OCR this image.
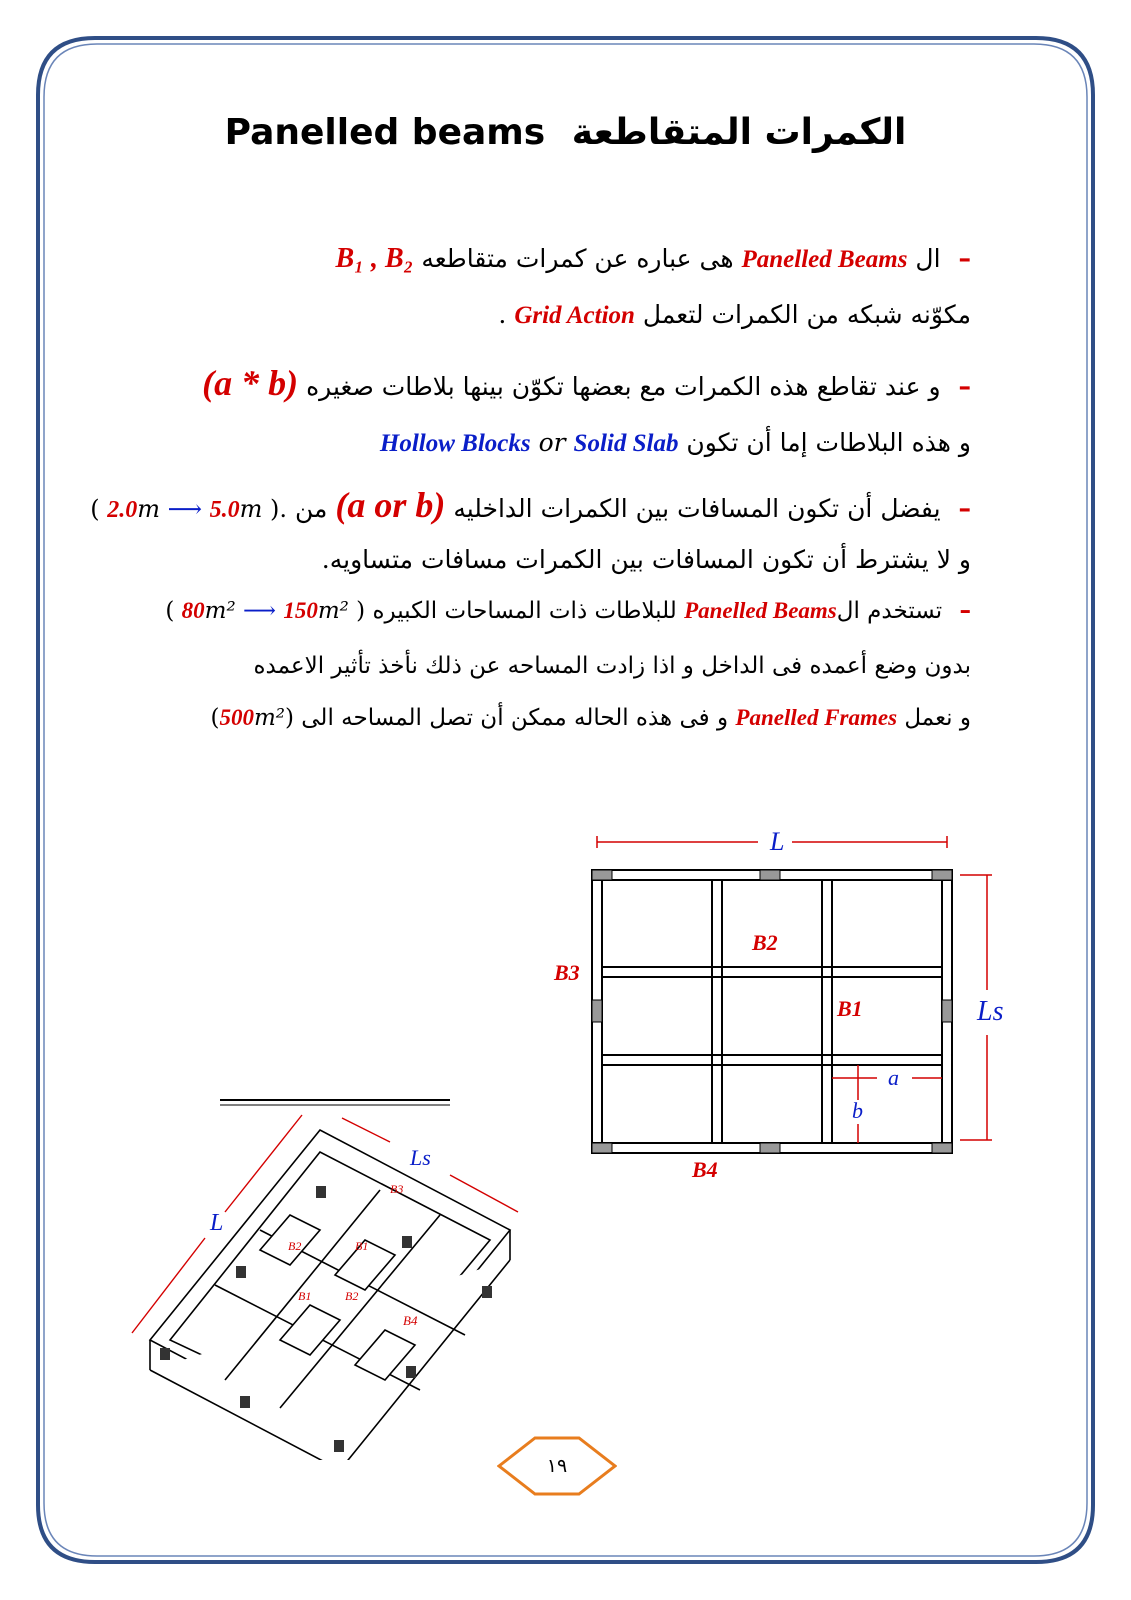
Panelled beams الكمرات المتقاطعة
– ال Panelled Beams هى عباره عن كمرات متقاطعه B₁ , B₂
مكوّنه شبكه من الكمرات لتعمل Grid Action .
– و عند تقاطع هذه الكمرات مع بعضها تكوّن بينها بلاطات صغيره (a * b)
و هذه البلاطات إما أن تكون Hollow Blocks or Solid Slab
– يفضل أن تكون المسافات بين الكمرات الداخليه (a or b) من ( 2.0m ⟶ 5.0m ).
و لا يشترط أن تكون المسافات بين الكمرات مسافات متساويه.
– تستخدم الPanelled Beams للبلاطات ذات المساحات الكبيره ( 80m² ⟶ 150m² )
بدون وضع أعمده فى الداخل و اذا زادت المساحه عن ذلك نأخذ تأثير الاعمده
و نعمل Panelled Frames و فى هذه الحاله ممكن أن تصل المساحه الى (500m²)
L
Ls
B2
B3
B1
B4
a
b
L
Ls
B3
B2	B1
B1	B2
B4
١٩
